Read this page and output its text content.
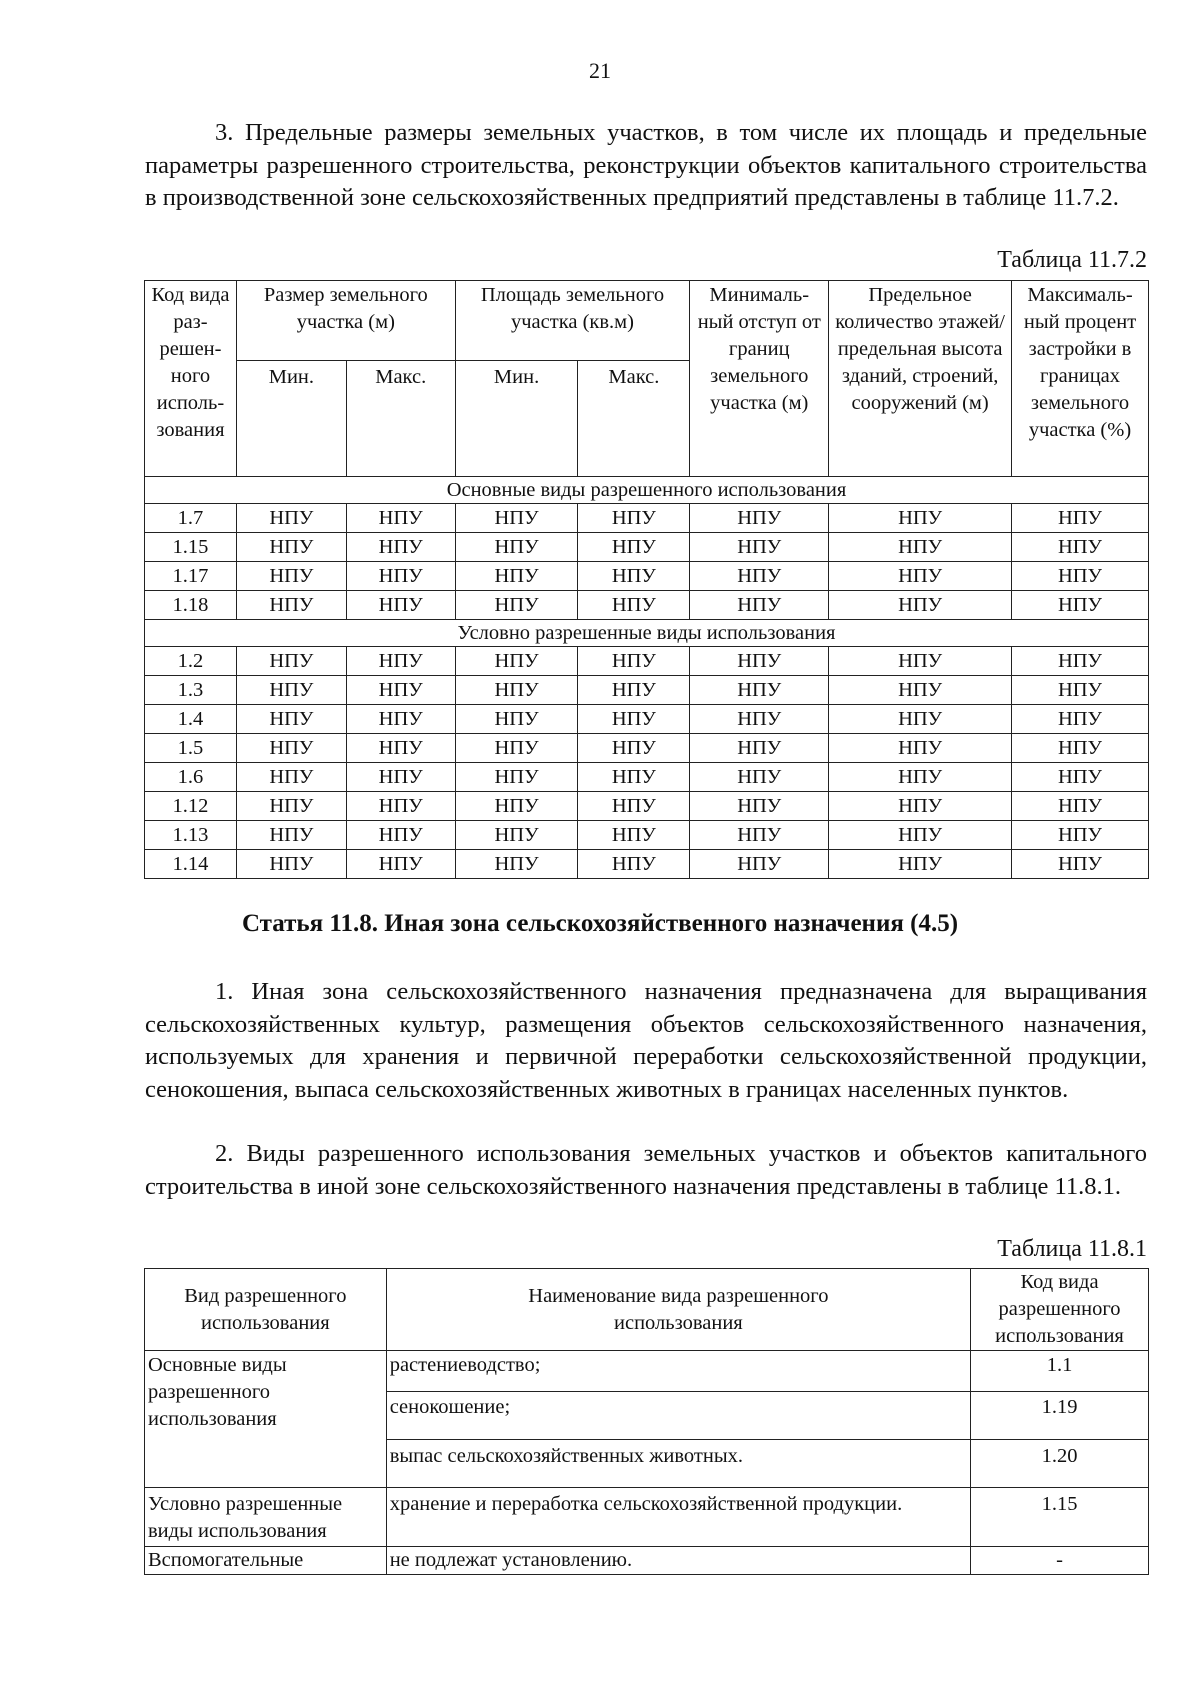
21

3. Предельные размеры земельных участков, в том числе их площадь и предельные параметры разрешенного строительства, реконструкции объектов капитального строительства в производственной зоне сельскохозяйственных предприятий представлены в таблице 11.7.2.

Таблица 11.7.2
Код вида раз-решен-ного исполь-зования	Размер земельного участка (м)		Площадь земельного участка (кв.м)		Минималь-ный отступ от границ земельного участка (м)	Предельное количество этажей/ предельная высота зданий, строений, сооружений (м)	Максималь-ный процент застройки в границах земельного участка (%)
	Мин.	Макс.	Мин.	Макс.			
Основные виды разрешенного использования							
1.7	НПУ	НПУ	НПУ	НПУ	НПУ	НПУ	НПУ
1.15	НПУ	НПУ	НПУ	НПУ	НПУ	НПУ	НПУ
1.17	НПУ	НПУ	НПУ	НПУ	НПУ	НПУ	НПУ
1.18	НПУ	НПУ	НПУ	НПУ	НПУ	НПУ	НПУ
Условно разрешенные виды использования							
1.2	НПУ	НПУ	НПУ	НПУ	НПУ	НПУ	НПУ
1.3	НПУ	НПУ	НПУ	НПУ	НПУ	НПУ	НПУ
1.4	НПУ	НПУ	НПУ	НПУ	НПУ	НПУ	НПУ
1.5	НПУ	НПУ	НПУ	НПУ	НПУ	НПУ	НПУ
1.6	НПУ	НПУ	НПУ	НПУ	НПУ	НПУ	НПУ
1.12	НПУ	НПУ	НПУ	НПУ	НПУ	НПУ	НПУ
1.13	НПУ	НПУ	НПУ	НПУ	НПУ	НПУ	НПУ
1.14	НПУ	НПУ	НПУ	НПУ	НПУ	НПУ	НПУ
Статья 11.8. Иная зона сельскохозяйственного назначения (4.5)

1. Иная зона сельскохозяйственного назначения предназначена для выращивания сельскохозяйственных культур, размещения объектов сельскохозяйственного назначения, используемых для хранения и первичной переработки сельскохозяйственной продукции, сенокошения, выпаса сельскохозяйственных животных в границах населенных пунктов.

2. Виды разрешенного использования земельных участков и объектов капитального строительства в иной зоне сельскохозяйственного назначения представлены в таблице 11.8.1.

Таблица 11.8.1
Вид разрешенного использования	Наименование вида разрешенного использования	Код вида разрешенного использования
Основные виды разрешенного использования	растениеводство;	1.1
	сенокошение;	1.19
	выпас сельскохозяйственных животных.	1.20
Условно разрешенные виды использования	хранение и переработка сельскохозяйственной продукции.	1.15
Вспомогательные	не подлежат установлению.	-
